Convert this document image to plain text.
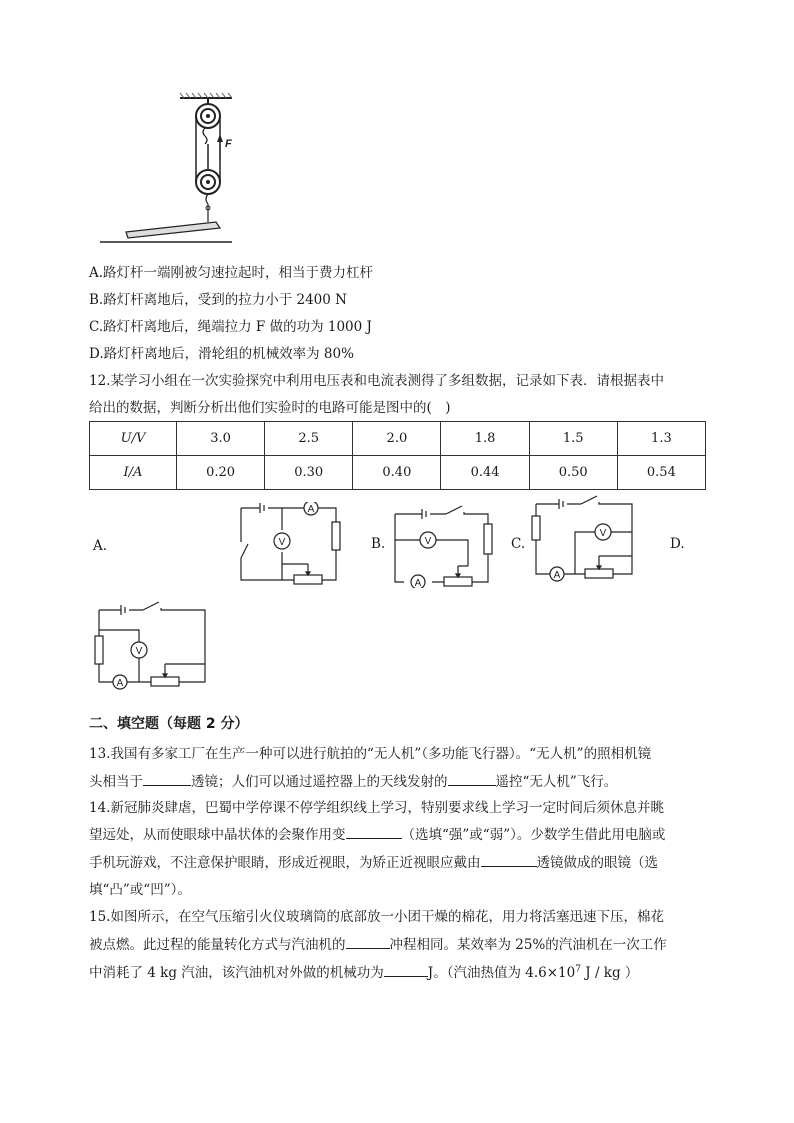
F
A.路灯杆一端刚被匀速拉起时，相当于费力杠杆
B.路灯杆离地后，受到的拉力小于 2400 N
C.路灯杆离地后，绳端拉力 F 做的功为 1000 J
D.路灯杆离地后，滑轮组的机械效率为 80%
12.某学习小组在一次实验探究中利用电压表和电流表测得了多组数据，记录如下表．请根据表中
给出的数据，判断分析出他们实验时的电路可能是图中的(　)
U/V	3.0	2.5	2.0	1.8	1.5	1.3
I/A	0.20	0.30	0.40	0.44	0.50	0.54
A.	B.	C.	D.
V
A
V
A
V
A
V
A
二、填空题（每题 2 分）
13.我国有多家工厂在生产一种可以进行航拍的“无人机”（多功能飞行器）。“无人机”的照相机镜
头相当于	透镜；人们可以通过遥控器上的天线发射的	遥控“无人机”飞行。
14.新冠肺炎肆虐，巴蜀中学停课不停学组织线上学习，特别要求线上学习一定时间后须休息并眺
望远处，从而使眼球中晶状体的会聚作用变	（选填“强”或“弱”）。少数学生借此用电脑或
手机玩游戏，不注意保护眼睛，形成近视眼，为矫正近视眼应戴由	透镜做成的眼镜（选
填“凸”或“凹”）。
15.如图所示，在空气压缩引火仪玻璃筒的底部放一小团干燥的棉花，用力将活塞迅速下压，棉花
被点燃。此过程的能量转化方式与汽油机的	冲程相同。某效率为 25%的汽油机在一次工作
中消耗了 4 kg 汽油，该汽油机对外做的机械功为	J。（汽油热值为 $4.6\times 10^7$ J / kg ）
